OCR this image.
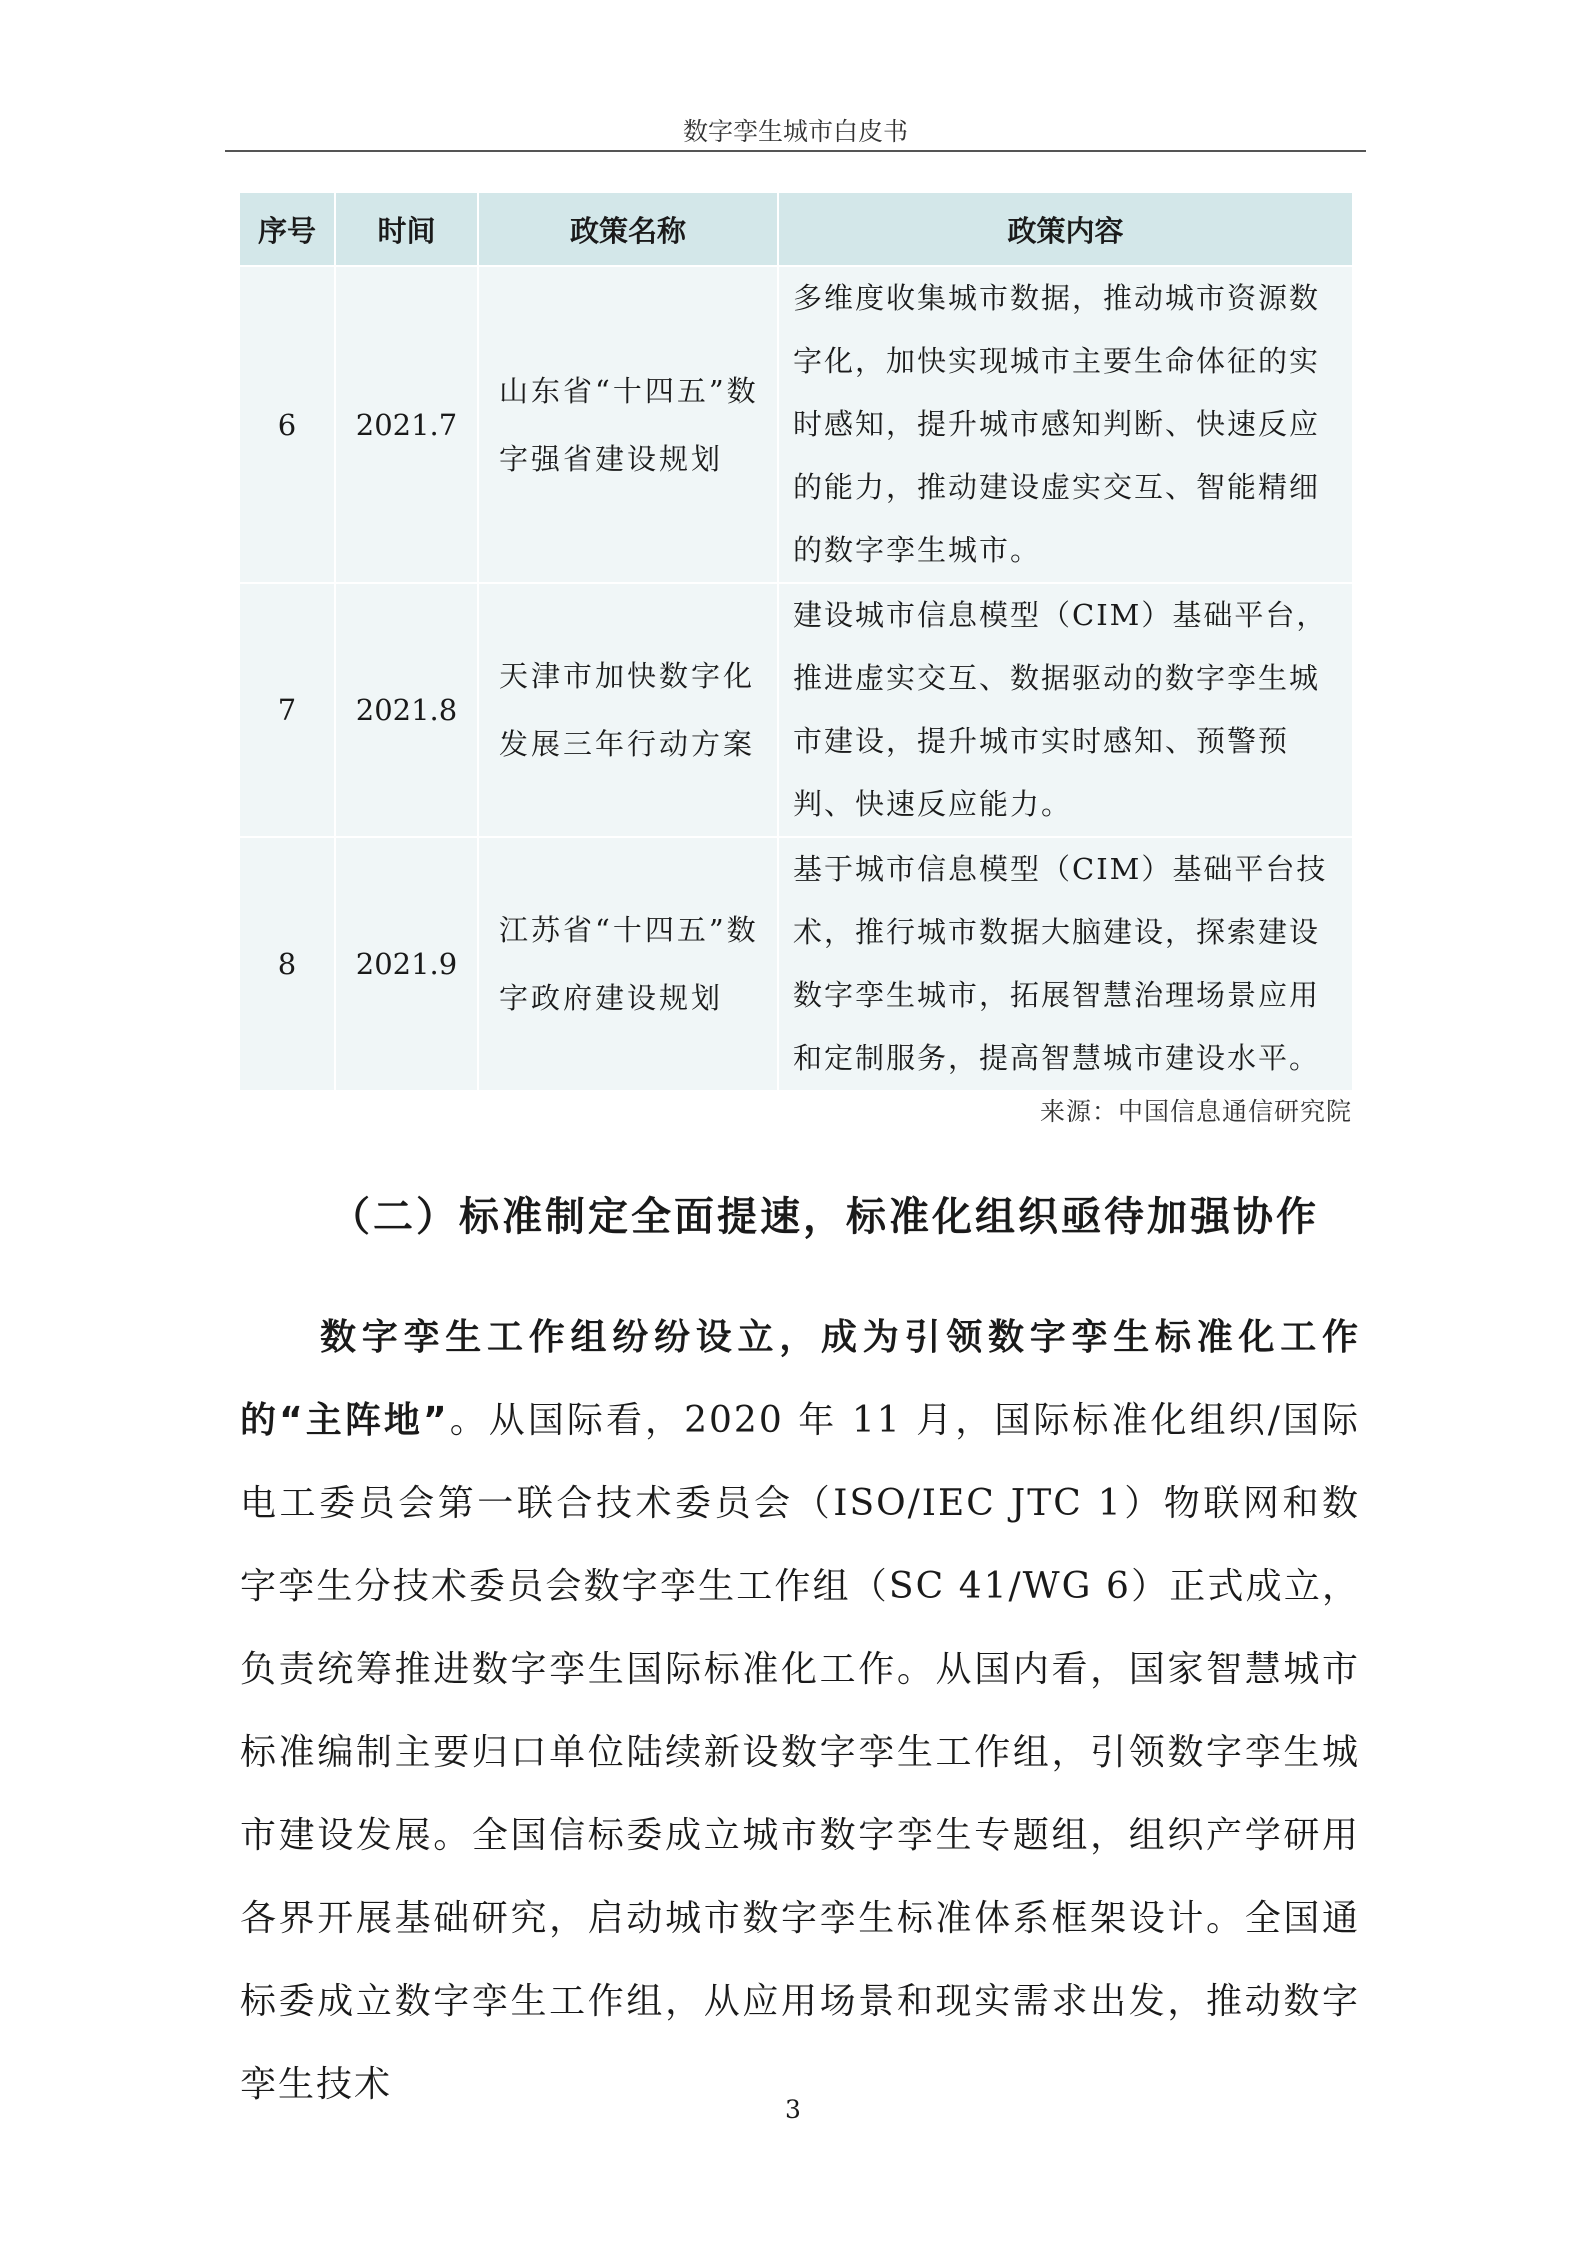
数字孪生城市白皮书
序号	时间	政策名称	政策内容
6	2021.7	山东省“十四五”数字强省建设规划	多维度收集城市数据，推动城市资源数字化，加快实现城市主要生命体征的实时感知，提升城市感知判断、快速反应的能力，推动建设虚实交互、智能精细的数字孪生城市。
7	2021.8	天津市加快数字化发展三年行动方案	建设城市信息模型（CIM）基础平台，推进虚实交互、数据驱动的数字孪生城市建设，提升城市实时感知、预警预判、快速反应能力。
8	2021.9	江苏省“十四五”数字政府建设规划	基于城市信息模型（CIM）基础平台技术，推行城市数据大脑建设，探索建设数字孪生城市，拓展智慧治理场景应用和定制服务，提高智慧城市建设水平。
来源：中国信息通信研究院
（二）标准制定全面提速，标准化组织亟待加强协作

数字孪生工作组纷纷设立，成为引领数字孪生标准化工作的“主阵地”。从国际看，2020 年 11 月，国际标准化组织/国际电工委员会第一联合技术委员会（ISO/IEC JTC 1）物联网和数字孪生分技术委员会数字孪生工作组（SC 41/WG 6）正式成立，负责统筹推进数字孪生国际标准化工作。从国内看，国家智慧城市标准编制主要归口单位陆续新设数字孪生工作组，引领数字孪生城市建设发展。全国信标委成立城市数字孪生专题组，组织产学研用各界开展基础研究，启动城市数字孪生标准体系框架设计。全国通标委成立数字孪生工作组，从应用场景和现实需求出发，推动数字孪生技术

3
